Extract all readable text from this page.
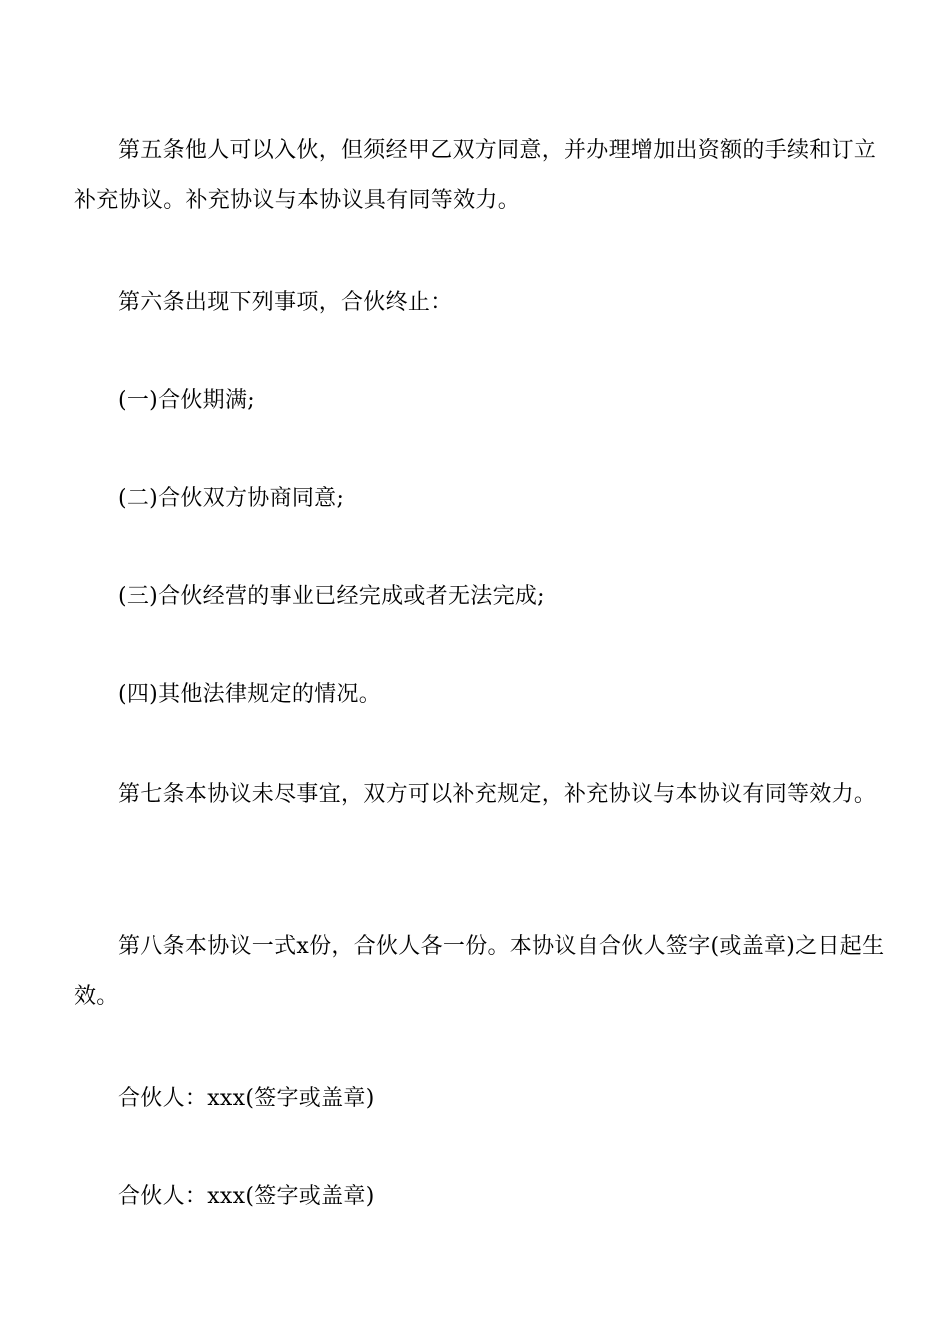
第五条他人可以入伙，但须经甲乙双方同意，并办理增加出资额的手续和订立补充协议。补充协议与本协议具有同等效力。

第六条出现下列事项，合伙终止：

(一)合伙期满;

(二)合伙双方协商同意;

(三)合伙经营的事业已经完成或者无法完成;

(四)其他法律规定的情况。

第七条本协议未尽事宜，双方可以补充规定，补充协议与本协议有同等效力。

第八条本协议一式x份，合伙人各一份。本协议自合伙人签字(或盖章)之日起生效。

合伙人：xxx(签字或盖章)

合伙人：xxx(签字或盖章)
